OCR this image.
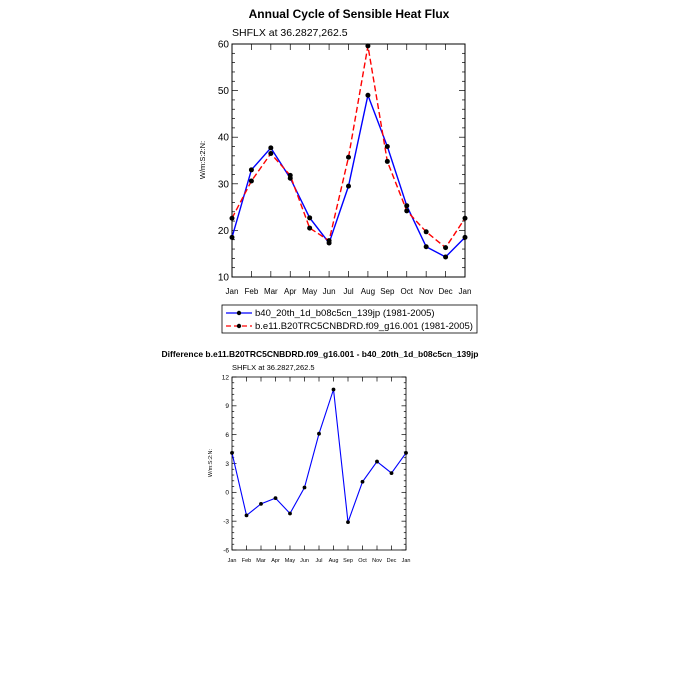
Annual Cycle of Sensible Heat Flux
SHFLX at 36.2827,262.5
W/m:S:2:N:
10
20
30
40
50
60
Jan Feb Mar Apr May Jun Jul Aug Sep Oct Nov Dec Jan
b40_20th_1d_b08c5cn_139jp (1981-2005)
b.e11.B20TRC5CNBDRD.f09_g16.001 (1981-2005)
Difference b.e11.B20TRC5CNBDRD.f09_g16.001 - b40_20th_1d_b08c5cn_139jp
SHFLX at 36.2827,262.5
W/m:S:2:N:
-6
-3
0
3
6
9
12
Jan Feb Mar Apr May Jun Jul Aug Sep Oct Nov Dec Jan
